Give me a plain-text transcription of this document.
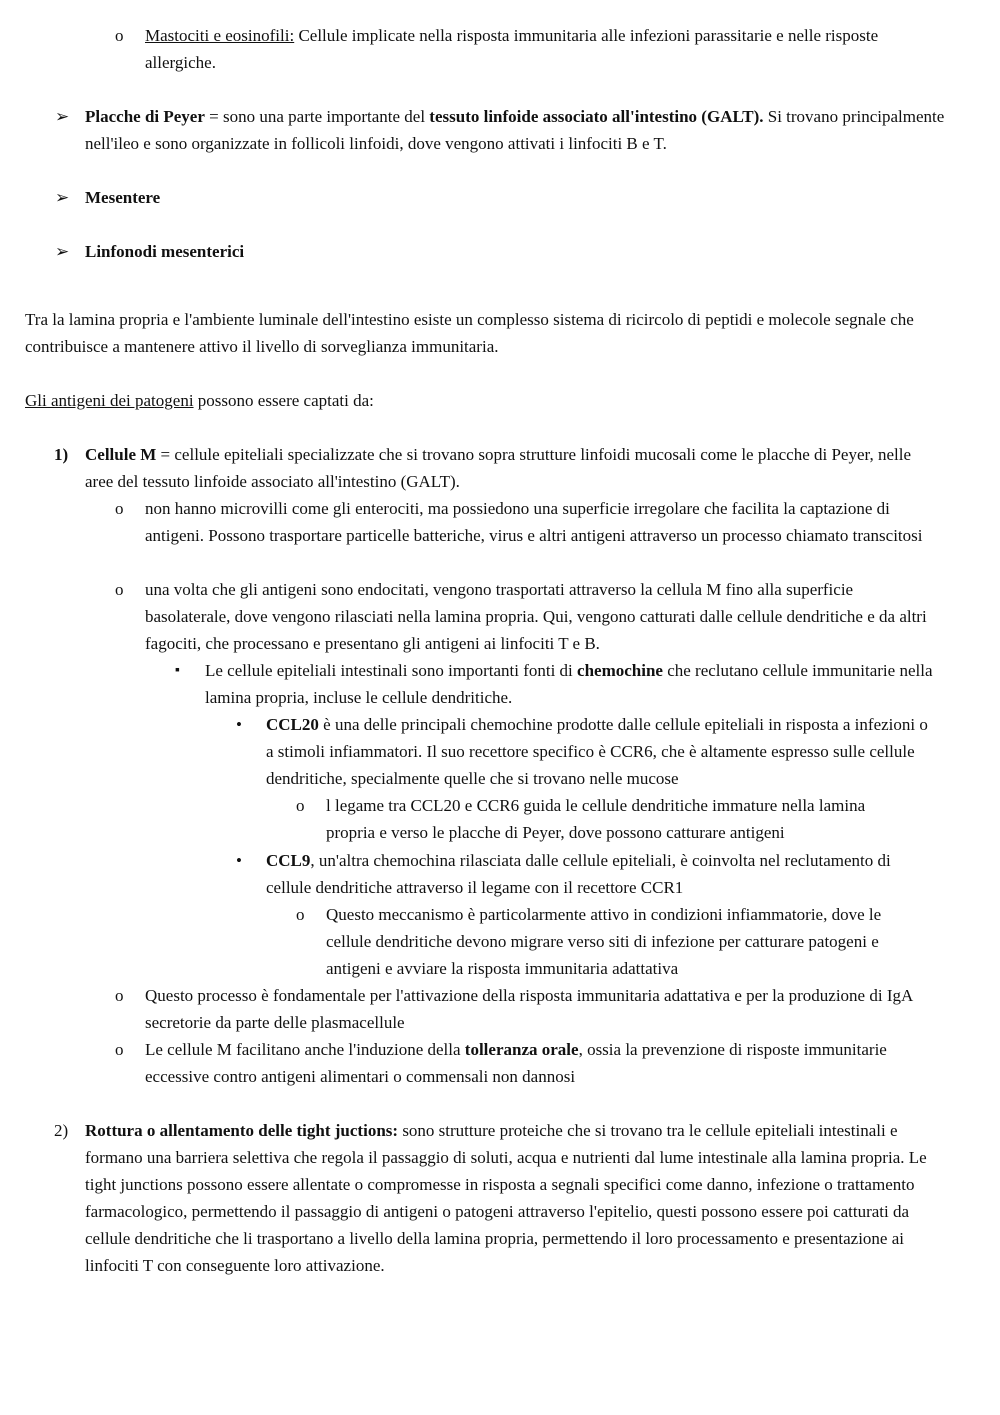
o Mastociti e eosinofili: Cellule implicate nella risposta immunitaria alle infezioni parassitarie e nelle risposte allergiche.
➢ Placche di Peyer = sono una parte importante del tessuto linfoide associato all'intestino (GALT). Si trovano principalmente nell'ileo e sono organizzate in follicoli linfoidi, dove vengono attivati i linfociti B e T.
➢ Mesentere
➢ Linfonodi mesenterici
Tra la lamina propria e l'ambiente luminale dell'intestino esiste un complesso sistema di ricircolo di peptidi e molecole segnale che contribuisce a mantenere attivo il livello di sorveglianza immunitaria.
Gli antigeni dei patogeni possono essere captati da:
1) Cellule M = cellule epiteliali specializzate che si trovano sopra strutture linfoidi mucosali come le placche di Peyer, nelle aree del tessuto linfoide associato all'intestino (GALT).
o non hanno microvilli come gli enterociti, ma possiedono una superficie irregolare che facilita la captazione di antigeni. Possono trasportare particelle batteriche, virus e altri antigeni attraverso un processo chiamato transcitosi
o una volta che gli antigeni sono endocitati, vengono trasportati attraverso la cellula M fino alla superficie basolaterale, dove vengono rilasciati nella lamina propria. Qui, vengono catturati dalle cellule dendritiche e da altri fagociti, che processano e presentano gli antigeni ai linfociti T e B.
▪ Le cellule epiteliali intestinali sono importanti fonti di chemochine che reclutano cellule immunitarie nella lamina propria, incluse le cellule dendritiche.
• CCL20 è una delle principali chemochine prodotte dalle cellule epiteliali in risposta a infezioni o a stimoli infiammatori. Il suo recettore specifico è CCR6, che è altamente espresso sulle cellule dendritiche, specialmente quelle che si trovano nelle mucose
o l legame tra CCL20 e CCR6 guida le cellule dendritiche immature nella lamina propria e verso le placche di Peyer, dove possono catturare antigeni
• CCL9, un'altra chemochina rilasciata dalle cellule epiteliali, è coinvolta nel reclutamento di cellule dendritiche attraverso il legame con il recettore CCR1
o Questo meccanismo è particolarmente attivo in condizioni infiammatorie, dove le cellule dendritiche devono migrare verso siti di infezione per catturare patogeni e antigeni e avviare la risposta immunitaria adattativa
o Questo processo è fondamentale per l'attivazione della risposta immunitaria adattativa e per la produzione di IgA secretorie da parte delle plasmacellule
o Le cellule M facilitano anche l'induzione della tolleranza orale, ossia la prevenzione di risposte immunitarie eccessive contro antigeni alimentari o commensali non dannosi
2) Rottura o allentamento delle tight juctions: sono strutture proteiche che si trovano tra le cellule epiteliali intestinali e formano una barriera selettiva che regola il passaggio di soluti, acqua e nutrienti dal lume intestinale alla lamina propria. Le tight junctions possono essere allentate o compromesse in risposta a segnali specifici come danno, infezione o trattamento farmacologico, permettendo il passaggio di antigeni o patogeni attraverso l'epitelio, questi possono essere poi catturati da cellule dendritiche che li trasportano a livello della lamina propria, permettendo il loro processamento e presentazione ai linfociti T con conseguente loro attivazione.
